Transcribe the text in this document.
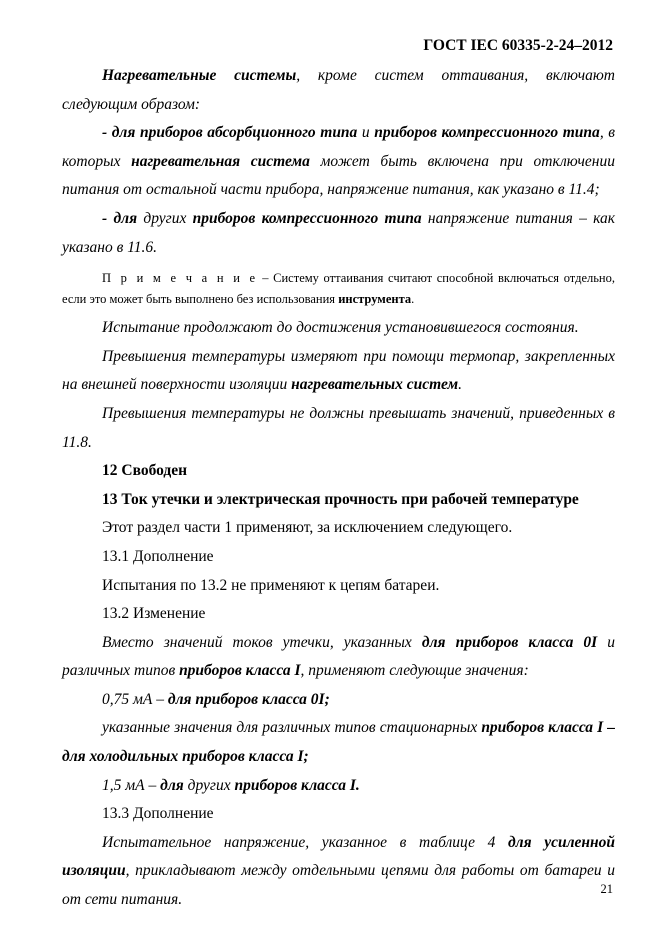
ГОСТ IEC 60335-2-24–2012

Нагревательные системы, кроме систем оттаивания, включают следующим образом:

- для приборов абсорбционного типа и приборов компрессионного типа, в которых нагревательная система может быть включена при отключении питания от остальной части прибора, напряжение питания, как указано в 11.4;

- для других приборов компрессионного типа напряжение питания – как указано в 11.6.

П р и м е ч а н и е – Систему оттаивания считают способной включаться отдельно, если это может быть выполнено без использования инструмента.

Испытание продолжают до достижения установившегося состояния.

Превышения температуры измеряют при помощи термопар, закрепленных на внешней поверхности изоляции нагревательных систем.

Превышения температуры не должны превышать значений, приведенных в 11.8.

12 Свободен

13 Ток утечки и электрическая прочность при рабочей температуре

Этот раздел части 1 применяют, за исключением следующего.

13.1 Дополнение

Испытания по 13.2 не применяют к цепям батареи.

13.2 Изменение

Вместо значений токов утечки, указанных для приборов класса 0I и различных типов приборов класса I, применяют следующие значения:

0,75 мА – для приборов класса 0I;

указанные значения для различных типов стационарных приборов класса I – для холодильных приборов класса I;

1,5 мА – для других приборов класса I.

13.3 Дополнение

Испытательное напряжение, указанное в таблице 4 для усиленной изоляции, прикладывают между отдельными цепями для работы от батареи и от сети питания.

21
